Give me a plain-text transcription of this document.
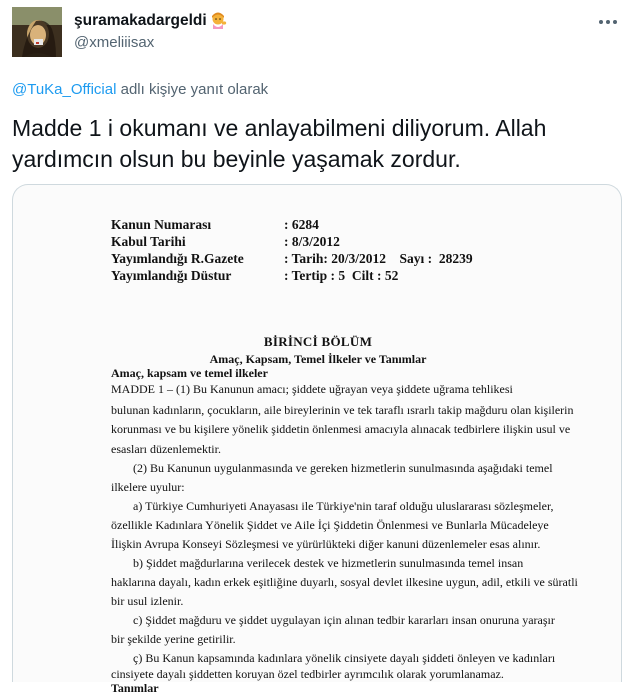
şuramakadargeldi
@xmeliiisax
@TuKa_Official adlı kişiye yanıt olarak
Madde 1 i okumanı ve anlayabilmeni diliyorum. Allah
yardımcın olsun bu beyinle yaşamak zordur.
Kanun Numarası	: 6284
Kabul Tarihi	: 8/3/2012
Yayımlandığı R.Gazete	: Tarih: 20/3/2012    Sayı :  28239
Yayımlandığı Düstur	: Tertip : 5  Cilt : 52
BİRİNCİ BÖLÜM
Amaç, Kapsam, Temel İlkeler ve Tanımlar
Amaç, kapsam ve temel ilkeler
MADDE 1 – (1) Bu Kanunun amacı; şiddete uğrayan veya şiddete uğrama tehlikesi
bulunan kadınların, çocukların, aile bireylerinin ve tek taraflı ısrarlı takip mağduru olan kişilerin
korunması ve bu kişilere yönelik şiddetin önlenmesi amacıyla alınacak tedbirlere ilişkin usul ve
esasları düzenlemektir.
(2) Bu Kanunun uygulanmasında ve gereken hizmetlerin sunulmasında aşağıdaki temel
ilkelere uyulur:
a) Türkiye Cumhuriyeti Anayasası ile Türkiye'nin taraf olduğu uluslararası sözleşmeler,
özellikle Kadınlara Yönelik Şiddet ve Aile İçi Şiddetin Önlenmesi ve Bunlarla Mücadeleye
İlişkin Avrupa Konseyi Sözleşmesi ve yürürlükteki diğer kanuni düzenlemeler esas alınır.
b) Şiddet mağdurlarına verilecek destek ve hizmetlerin sunulmasında temel insan
haklarına dayalı, kadın erkek eşitliğine duyarlı, sosyal devlet ilkesine uygun, adil, etkili ve süratli
bir usul izlenir.
c) Şiddet mağduru ve şiddet uygulayan için alınan tedbir kararları insan onuruna yaraşır
bir şekilde yerine getirilir.
ç) Bu Kanun kapsamında kadınlara yönelik cinsiyete dayalı şiddeti önleyen ve kadınları
cinsiyete dayalı şiddetten koruyan özel tedbirler ayrımcılık olarak yorumlanamaz.
Tanımlar
